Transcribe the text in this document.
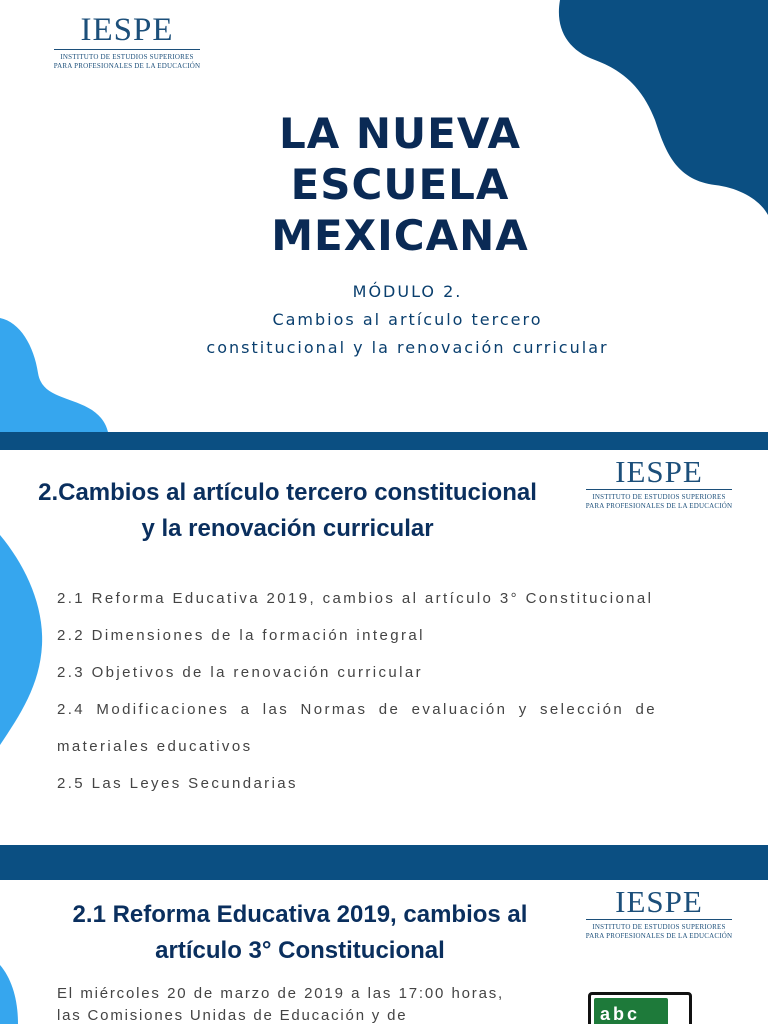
IESPE
INSTITUTO DE ESTUDIOS SUPERIORES
PARA PROFESIONALES DE LA EDUCACIÓN
LA NUEVA
ESCUELA
MEXICANA
MÓDULO 2.
Cambios al artículo tercero
constitucional y la renovación curricular
IESPE
INSTITUTO DE ESTUDIOS SUPERIORES
PARA PROFESIONALES DE LA EDUCACIÓN
2.Cambios al artículo tercero constitucional
y la renovación curricular
2.1 Reforma Educativa 2019, cambios al artículo 3° Constitucional
2.2 Dimensiones de la formación integral
2.3 Objetivos de la renovación curricular
2.4 Modificaciones a las Normas de evaluación y selección de materiales educativos
2.5 Las Leyes Secundarias
IESPE
INSTITUTO DE ESTUDIOS SUPERIORES
PARA PROFESIONALES DE LA EDUCACIÓN
2.1 Reforma Educativa 2019, cambios al
artículo 3° Constitucional

El miércoles 20 de marzo de 2019 a las 17:00 horas, las Comisiones Unidas de Educación y de	abc
